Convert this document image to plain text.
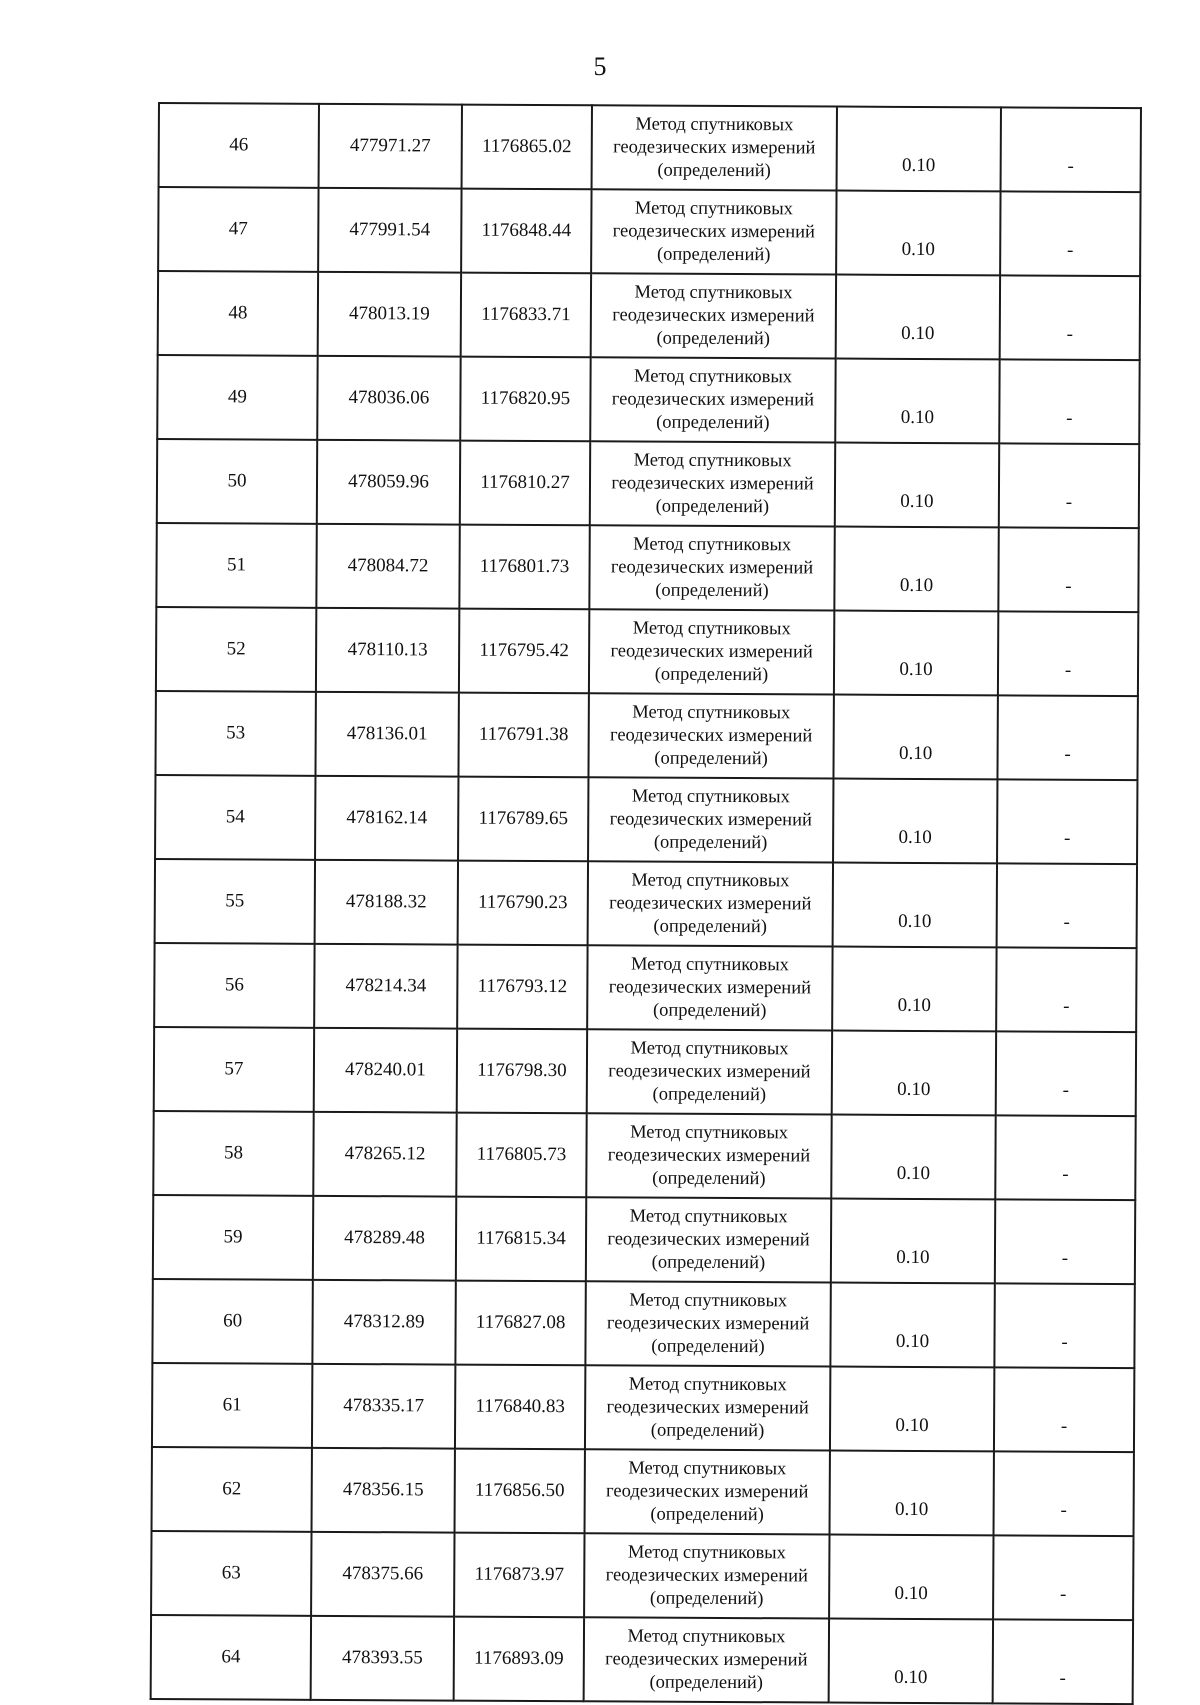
5
46	477971.27	1176865.02	Метод спутниковых
геодезических измерений
(определений)	0.10	-
47	477991.54	1176848.44	Метод спутниковых
геодезических измерений
(определений)	0.10	-
48	478013.19	1176833.71	Метод спутниковых
геодезических измерений
(определений)	0.10	-
49	478036.06	1176820.95	Метод спутниковых
геодезических измерений
(определений)	0.10	-
50	478059.96	1176810.27	Метод спутниковых
геодезических измерений
(определений)	0.10	-
51	478084.72	1176801.73	Метод спутниковых
геодезических измерений
(определений)	0.10	-
52	478110.13	1176795.42	Метод спутниковых
геодезических измерений
(определений)	0.10	-
53	478136.01	1176791.38	Метод спутниковых
геодезических измерений
(определений)	0.10	-
54	478162.14	1176789.65	Метод спутниковых
геодезических измерений
(определений)	0.10	-
55	478188.32	1176790.23	Метод спутниковых
геодезических измерений
(определений)	0.10	-
56	478214.34	1176793.12	Метод спутниковых
геодезических измерений
(определений)	0.10	-
57	478240.01	1176798.30	Метод спутниковых
геодезических измерений
(определений)	0.10	-
58	478265.12	1176805.73	Метод спутниковых
геодезических измерений
(определений)	0.10	-
59	478289.48	1176815.34	Метод спутниковых
геодезических измерений
(определений)	0.10	-
60	478312.89	1176827.08	Метод спутниковых
геодезических измерений
(определений)	0.10	-
61	478335.17	1176840.83	Метод спутниковых
геодезических измерений
(определений)	0.10	-
62	478356.15	1176856.50	Метод спутниковых
геодезических измерений
(определений)	0.10	-
63	478375.66	1176873.97	Метод спутниковых
геодезических измерений
(определений)	0.10	-
64	478393.55	1176893.09	Метод спутниковых
геодезических измерений
(определений)	0.10	-
